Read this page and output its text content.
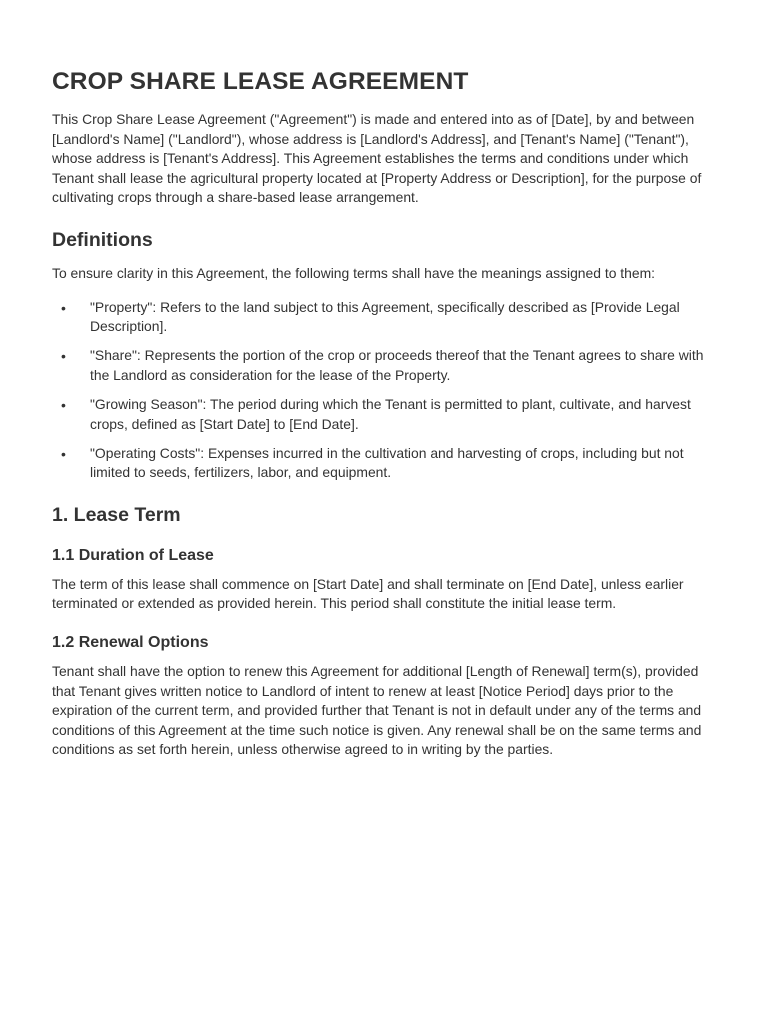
CROP SHARE LEASE AGREEMENT

This Crop Share Lease Agreement ("Agreement") is made and entered into as of [Date], by and between [Landlord's Name] ("Landlord"), whose address is [Landlord's Address], and [Tenant's Name] ("Tenant"), whose address is [Tenant's Address]. This Agreement establishes the terms and conditions under which Tenant shall lease the agricultural property located at [Property Address or Description], for the purpose of cultivating crops through a share-based lease arrangement.

Definitions

To ensure clarity in this Agreement, the following terms shall have the meanings assigned to them:

• "Property": Refers to the land subject to this Agreement, specifically described as [Provide Legal Description].
• "Share": Represents the portion of the crop or proceeds thereof that the Tenant agrees to share with the Landlord as consideration for the lease of the Property.
• "Growing Season": The period during which the Tenant is permitted to plant, cultivate, and harvest crops, defined as [Start Date] to [End Date].
• "Operating Costs": Expenses incurred in the cultivation and harvesting of crops, including but not limited to seeds, fertilizers, labor, and equipment.
1. Lease Term
1.1 Duration of Lease

The term of this lease shall commence on [Start Date] and shall terminate on [End Date], unless earlier terminated or extended as provided herein. This period shall constitute the initial lease term.

1.2 Renewal Options

Tenant shall have the option to renew this Agreement for additional [Length of Renewal] term(s), provided that Tenant gives written notice to Landlord of intent to renew at least [Notice Period] days prior to the expiration of the current term, and provided further that Tenant is not in default under any of the terms and conditions of this Agreement at the time such notice is given. Any renewal shall be on the same terms and conditions as set forth herein, unless otherwise agreed to in writing by the parties.
